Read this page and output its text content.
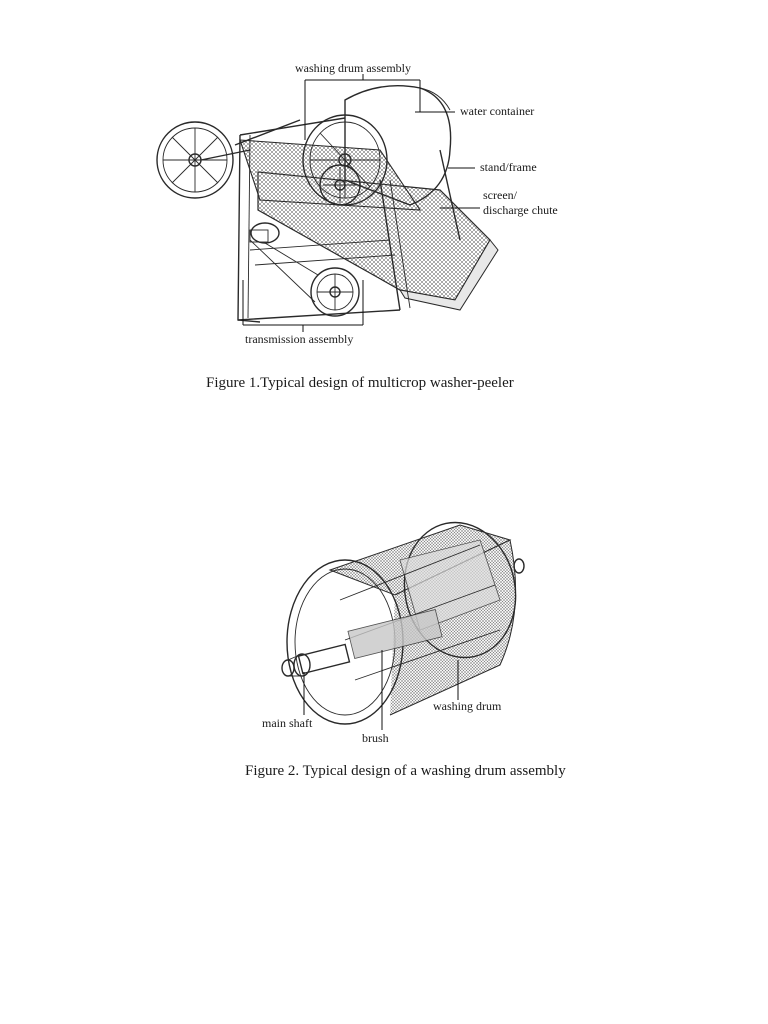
washing drum assembly
water container
stand/frame
screen/
discharge chute
transmission assembly
washing drum
main shaft
brush
Figure 1.Typical design of multicrop washer-peeler
Figure 2. Typical design of a washing drum assembly
